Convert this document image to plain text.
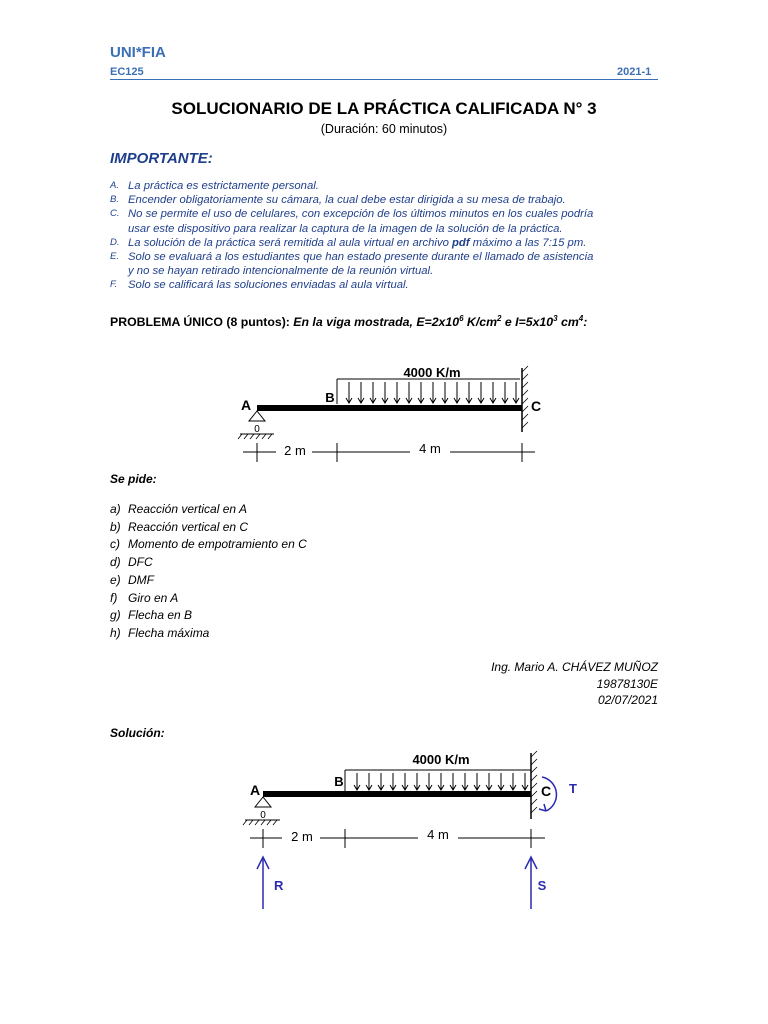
UNI*FIA
EC125	2021-1
SOLUCIONARIO DE LA PRÁCTICA CALIFICADA N° 3
(Duración: 60 minutos)
IMPORTANTE:
A. La práctica es estrictamente personal.
B. Encender obligatoriamente su cámara, la cual debe estar dirigida a su mesa de trabajo.
C. No se permite el uso de celulares, con excepción de los últimos minutos en los cuales podría
usar este dispositivo para realizar la captura de la imagen de la solución de la práctica.
D. La solución de la práctica será remitida al aula virtual en archivo pdf máximo a las 7:15 pm.
E. Solo se evaluará a los estudiantes que han estado presente durante el llamado de asistencia
y no se hayan retirado intencionalmente de la reunión virtual.
F. Solo se calificará las soluciones enviadas al aula virtual.
PROBLEMA ÚNICO (8 puntos): En la viga mostrada, $E=2x10^6$ $K/cm^2$ e $I=5x10^3$ $cm^4$:
4000 K/m
0
A	B
C
2 m	4 m
Se pide:
a) Reacción vertical en A
b) Reacción vertical en C
c) Momento de empotramiento en C
d) DFC
e) DMF
f) Giro en A
g) Flecha en B
h) Flecha máxima
Ing. Mario A. CHÁVEZ MUÑOZ
19878130E
02/07/2021
Solución:
4000 K/m
T
0
A
B
C
2 m	4 m
R	S
